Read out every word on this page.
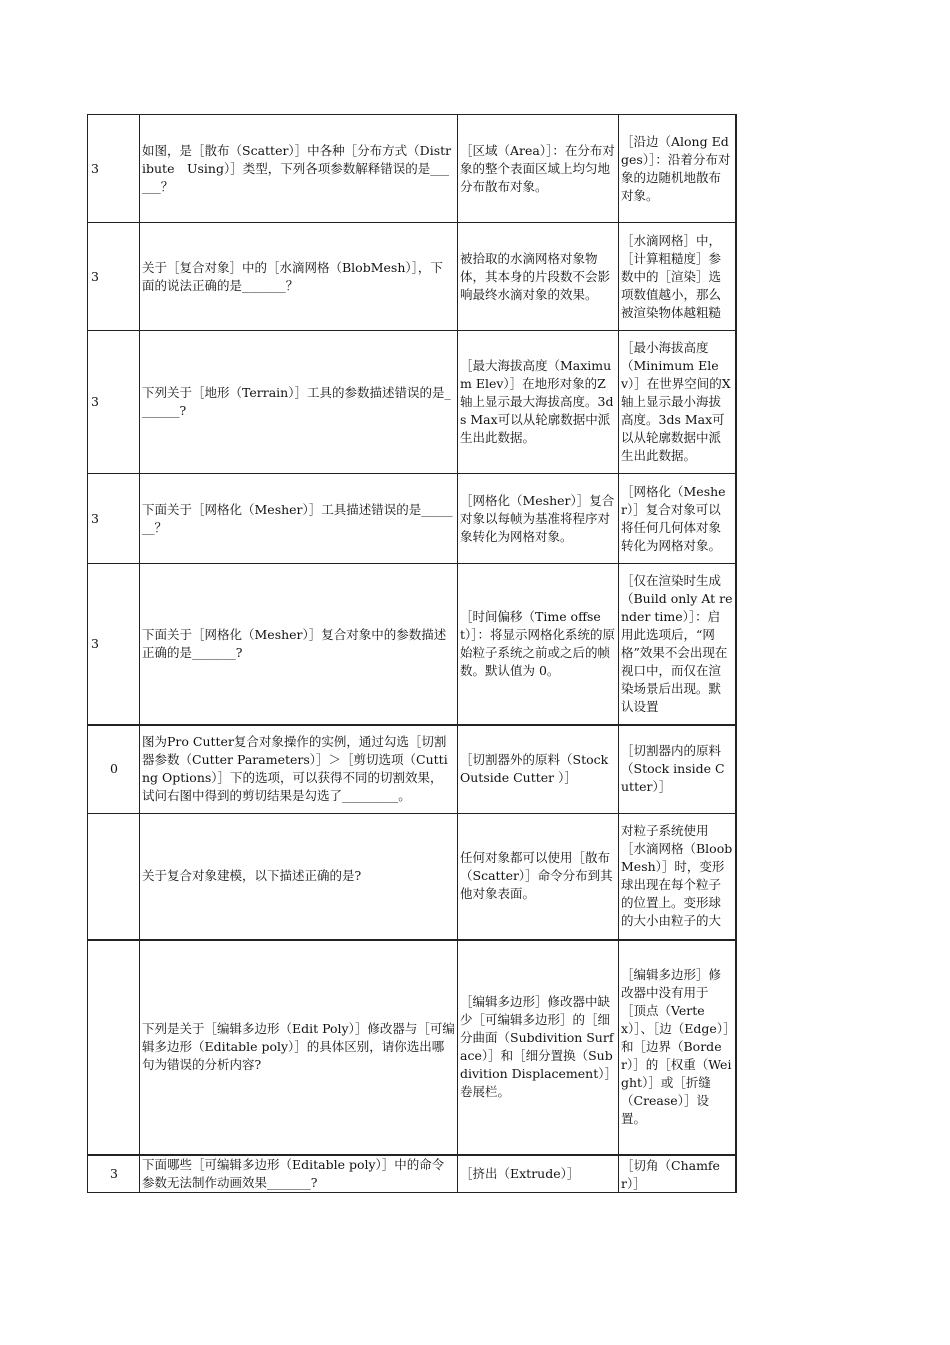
3	如图，是［散布（Scatter）］中各种［分布方式（Distribute　Using）］类型，下列各项参数解释错误的是______？	［区域（Area）］：在分布对象的整个表面区域上均匀地分布散布对象。	［沿边（Along Edges）］：沿着分布对象的边随机地散布对象。

3	关于［复合对象］中的［水滴网格（BlobMesh）］，下面的说法正确的是_______？	被拾取的水滴网格对象物体，其本身的片段数不会影响最终水滴对象的效果。	［水滴网格］中，［计算粗糙度］参数中的［渲染］选项数值越小，那么被渲染物体越粗糙

3	下列关于［地形（Terrain）］工具的参数描述错误的是_______?	［最大海拔高度（Maximum Elev）］在地形对象的Z轴上显示最大海拔高度。3ds Max可以从轮廓数据中派生出此数据。	［最小海拔高度（Minimum Elev）］在世界空间的X轴上显示最小海拔高度。3ds Max可以从轮廓数据中派生出此数据。

3	下面关于［网格化（Mesher）］工具描述错误的是_______？	［网格化（Mesher）］复合对象以每帧为基准将程序对象转化为网格对象。	［网格化（Mesher）］复合对象可以将任何几何体对象转化为网格对象。

3	下面关于［网格化（Mesher）］复合对象中的参数描述正确的是_______?	［时间偏移（Time offset）］：将显示网格化系统的原始粒子系统之前或之后的帧数。默认值为 0。	［仅在渲染时生成（Build only At render time）］：启用此选项后，“网格”效果不会出现在视口中，而仅在渲染场景后出现。默认设置

0	图为Pro Cutter复合对象操作的实例，通过勾选［切割器参数（Cutter Parameters）］＞［剪切选项（Cutting Options）］下的选项，可以获得不同的切割效果，试问右图中得到的剪切结果是勾选了_________。	［切割器外的原料（Stock Outside Cutter ）］	［切割器内的原料（Stock inside Cutter）］

	关于复合对象建模，以下描述正确的是?	任何对象都可以使用［散布（Scatter）］命令分布到其他对象表面。	对粒子系统使用［水滴网格（BloobMesh）］时，变形球出现在每个粒子的位置上。变形球的大小由粒子的大

	下列是关于［编辑多边形（Edit Poly）］修改器与［可编辑多边形（Editable poly）］的具体区别，请你选出哪句为错误的分析内容?	［编辑多边形］修改器中缺少［可编辑多边形］的［细分曲面（Subdivition Surface）］和［细分置换（Subdivition Displacement）］卷展栏。	［编辑多边形］修改器中没有用于［顶点（Vertex）］、［边（Edge）］和［边界（Border）］的［权重（Weight）］或［折缝（Crease）］设置。

3	下面哪些［可编辑多边形（Editable poly）］中的命令参数无法制作动画效果_______?	［挤出（Extrude）］	［切角（Chamfer）］
